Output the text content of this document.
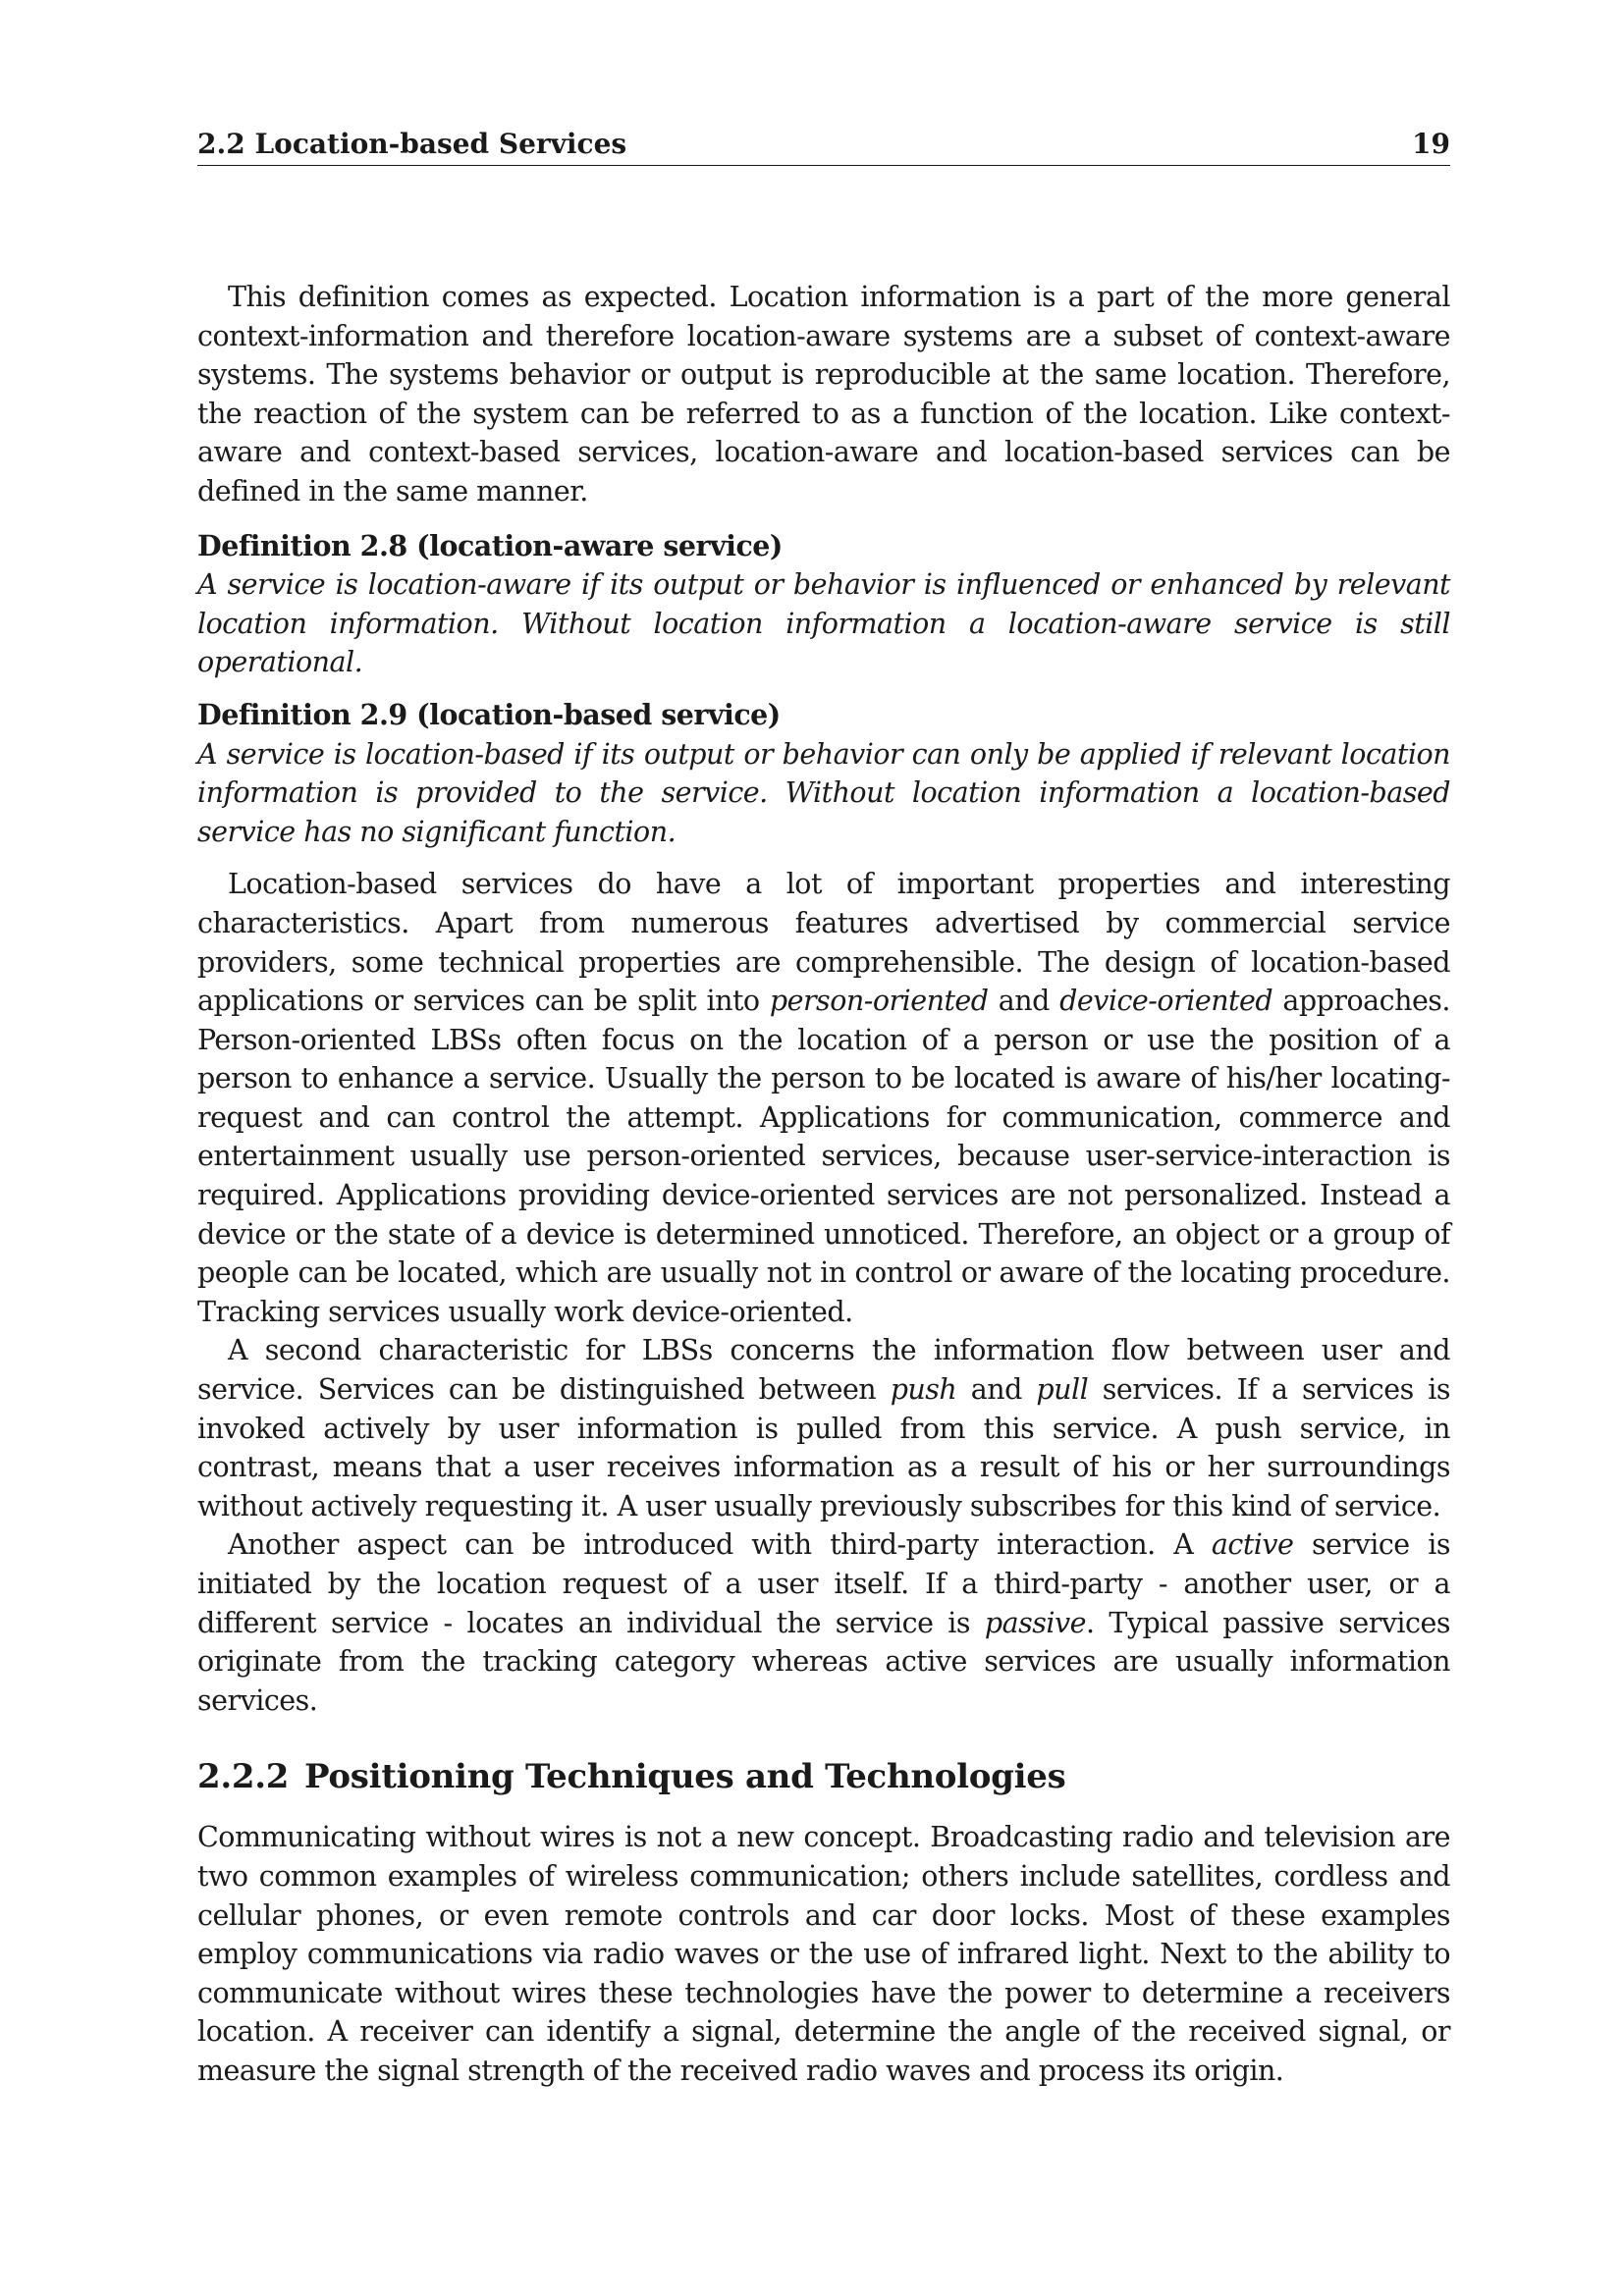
2.2 Location-based Services	19

This definition comes as expected. Location information is a part of the more general context-information and therefore location-aware systems are a subset of context-aware systems. The systems behavior or output is reproducible at the same location. Therefore, the reaction of the system can be referred to as a function of the location. Like context-aware and context-based services, location-aware and location-based services can be defined in the same manner.

Definition 2.8 (location-aware service)

A service is location-aware if its output or behavior is influenced or enhanced by relevant location information. Without location information a location-aware service is still operational.

Definition 2.9 (location-based service)

A service is location-based if its output or behavior can only be applied if relevant location information is provided to the service. Without location information a location-based service has no significant function.

Location-based services do have a lot of important properties and interesting characteristics. Apart from numerous features advertised by commercial service providers, some technical properties are comprehensible. The design of location-based applications or services can be split into person-oriented and device-oriented approaches. Person-oriented LBSs often focus on the location of a person or use the position of a person to enhance a service. Usually the person to be located is aware of his/her locating-request and can control the attempt. Applications for communication, commerce and entertainment usually use person-oriented services, because user-service-interaction is required. Applications providing device-oriented services are not personalized. Instead a device or the state of a device is determined unnoticed. Therefore, an object or a group of people can be located, which are usually not in control or aware of the locating procedure. Tracking services usually work device-oriented.

A second characteristic for LBSs concerns the information flow between user and service. Services can be distinguished between push and pull services. If a services is invoked actively by user information is pulled from this service. A push service, in contrast, means that a user receives information as a result of his or her surroundings without actively requesting it. A user usually previously subscribes for this kind of service.

Another aspect can be introduced with third-party interaction. A active service is initiated by the location request of a user itself. If a third-party - another user, or a different service - locates an individual the service is passive. Typical passive services originate from the tracking category whereas active services are usually information services.

2.2.2 Positioning Techniques and Technologies

Communicating without wires is not a new concept. Broadcasting radio and television are two common examples of wireless communication; others include satellites, cordless and cellular phones, or even remote controls and car door locks. Most of these examples employ communications via radio waves or the use of infrared light. Next to the ability to communicate without wires these technologies have the power to determine a receivers location. A receiver can identify a signal, determine the angle of the received signal, or measure the signal strength of the received radio waves and process its origin.
